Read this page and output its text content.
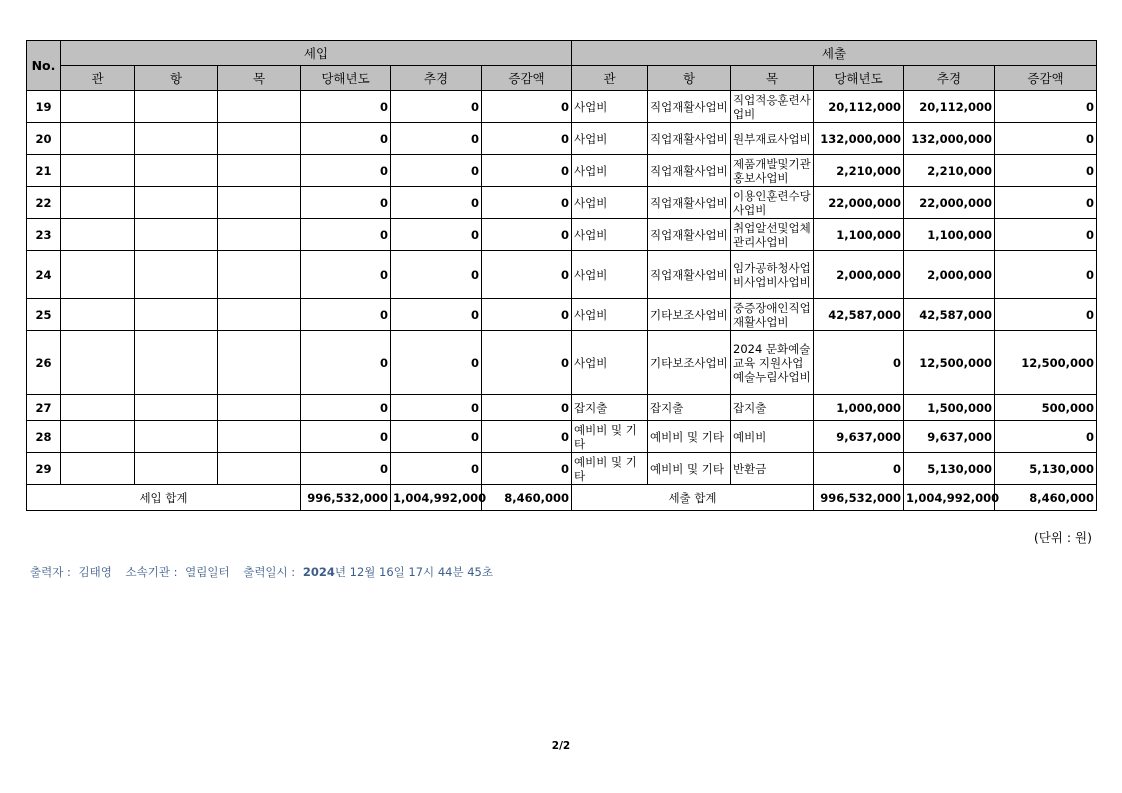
No.	세입						세출					
	관	항	목	당해년도	추경	증감액	관	항	목	당해년도	추경	증감액
19				0	0	0	사업비	직업재활사업비	직업적응훈련사업비	20,112,000	20,112,000	0
20				0	0	0	사업비	직업재활사업비	원부재료사업비	132,000,000	132,000,000	0
21				0	0	0	사업비	직업재활사업비	제품개발및기관홍보사업비	2,210,000	2,210,000	0
22				0	0	0	사업비	직업재활사업비	이용인훈련수당사업비	22,000,000	22,000,000	0
23				0	0	0	사업비	직업재활사업비	취업알선및업체관리사업비	1,100,000	1,100,000	0
24				0	0	0	사업비	직업재활사업비	임가공하청사업비사업비사업비	2,000,000	2,000,000	0
25				0	0	0	사업비	기타보조사업비	중증장애인직업재활사업비	42,587,000	42,587,000	0
26				0	0	0	사업비	기타보조사업비	2024 문화예술교육 지원사업 예술누림사업비	0	12,500,000	12,500,000
27				0	0	0	잡지출	잡지출	잡지출	1,000,000	1,500,000	500,000
28				0	0	0	예비비 및 기타	예비비 및 기타	예비비	9,637,000	9,637,000	0
29				0	0	0	예비비 및 기타	예비비 및 기타	반환금	0	5,130,000	5,130,000
세입 합계				996,532,000	1,004,992,000	8,460,000	세출 합계			996,532,000	1,004,992,000	8,460,000
(단위 : 원)
출력자 : 김태영 소속기관 : 열림일터 출력일시 : 2024년 12월 16일 17시 44분 45초
2/2
